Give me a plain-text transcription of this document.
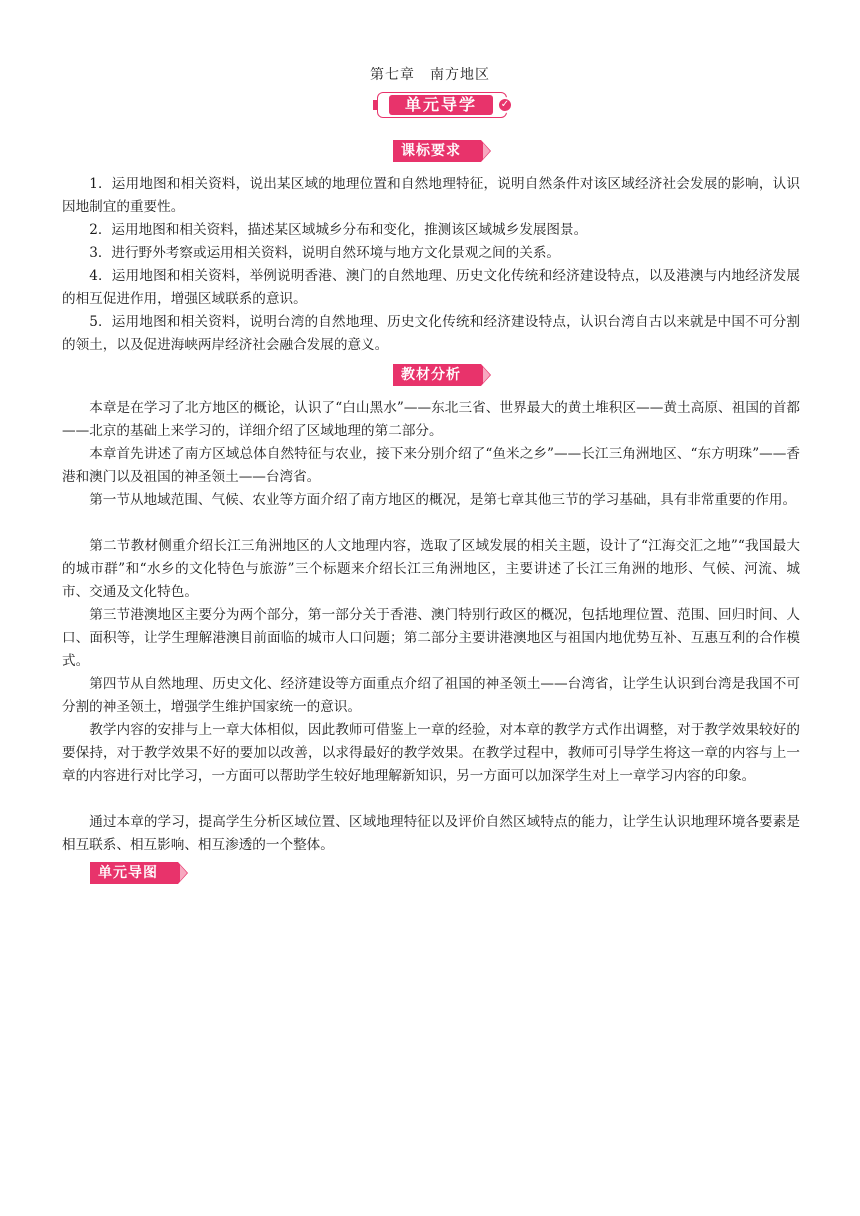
第七章　南方地区
单元导学	✓
课标要求

1．运用地图和相关资料，说出某区域的地理位置和自然地理特征，说明自然条件对该区域经济社会发展的影响，认识因地制宜的重要性。

2．运用地图和相关资料，描述某区域城乡分布和变化，推测该区域城乡发展图景。

3．进行野外考察或运用相关资料，说明自然环境与地方文化景观之间的关系。

4．运用地图和相关资料，举例说明香港、澳门的自然地理、历史文化传统和经济建设特点，以及港澳与内地经济发展的相互促进作用，增强区域联系的意识。

5．运用地图和相关资料，说明台湾的自然地理、历史文化传统和经济建设特点，认识台湾自古以来就是中国不可分割的领土，以及促进海峡两岸经济社会融合发展的意义。

教材分析

本章是在学习了北方地区的概论，认识了“白山黑水”——东北三省、世界最大的黄土堆积区——黄土高原、祖国的首都——北京的基础上来学习的，详细介绍了区域地理的第二部分。

本章首先讲述了南方区域总体自然特征与农业，接下来分别介绍了“鱼米之乡”——长江三角洲地区、“东方明珠”——香港和澳门以及祖国的神圣领土——台湾省。

第一节从地域范围、气候、农业等方面介绍了南方地区的概况，是第七章其他三节的学习基础，具有非常重要的作用。

第二节教材侧重介绍长江三角洲地区的人文地理内容，选取了区域发展的相关主题，设计了“江海交汇之地”“我国最大的城市群”和“水乡的文化特色与旅游”三个标题来介绍长江三角洲地区，主要讲述了长江三角洲的地形、气候、河流、城市、交通及文化特色。

第三节港澳地区主要分为两个部分，第一部分关于香港、澳门特别行政区的概况，包括地理位置、范围、回归时间、人口、面积等，让学生理解港澳目前面临的城市人口问题；第二部分主要讲港澳地区与祖国内地优势互补、互惠互利的合作模式。

第四节从自然地理、历史文化、经济建设等方面重点介绍了祖国的神圣领土——台湾省，让学生认识到台湾是我国不可分割的神圣领土，增强学生维护国家统一的意识。

教学内容的安排与上一章大体相似，因此教师可借鉴上一章的经验，对本章的教学方式作出调整，对于教学效果较好的要保持，对于教学效果不好的要加以改善，以求得最好的教学效果。在教学过程中，教师可引导学生将这一章的内容与上一章的内容进行对比学习，一方面可以帮助学生较好地理解新知识，另一方面可以加深学生对上一章学习内容的印象。

通过本章的学习，提高学生分析区域位置、区域地理特征以及评价自然区域特点的能力，让学生认识地理环境各要素是相互联系、相互影响、相互渗透的一个整体。

单元导图
